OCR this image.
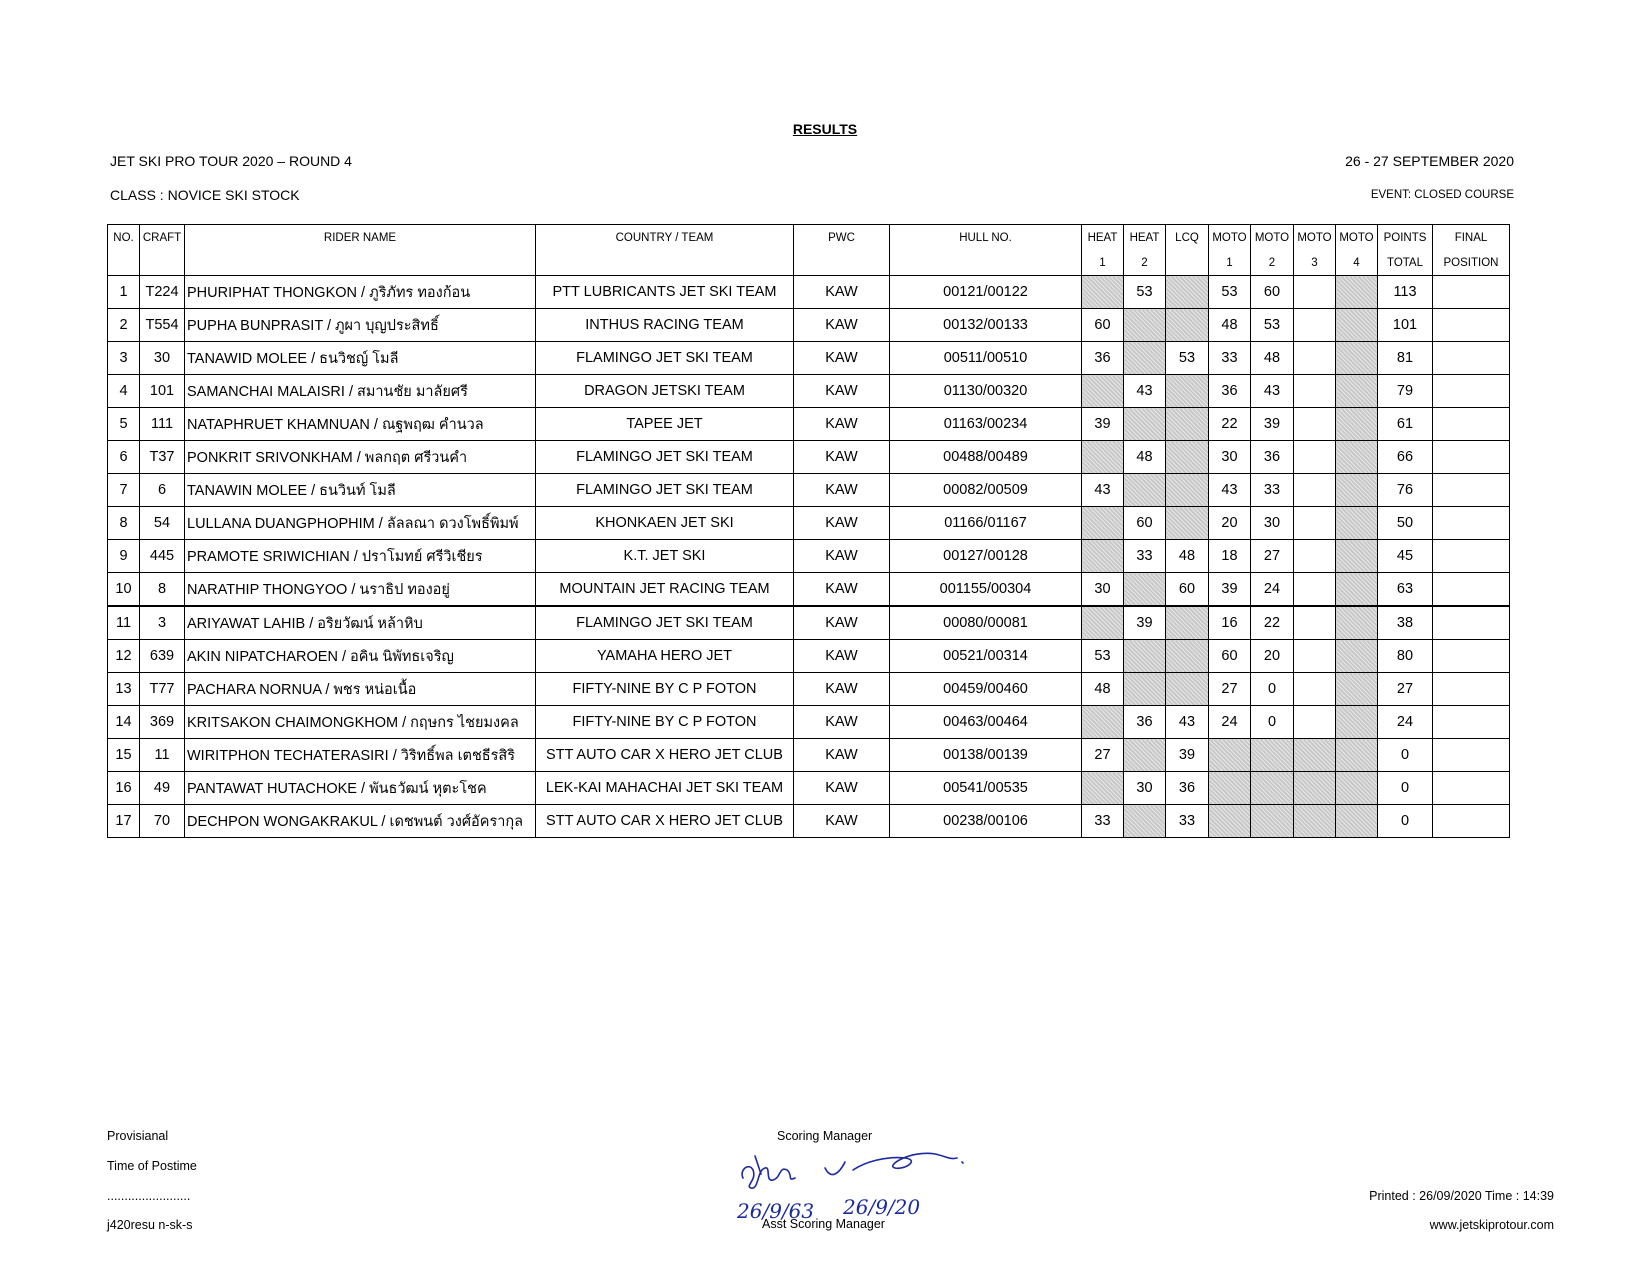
RESULTS
JET SKI PRO TOUR 2020 – ROUND 4	26 - 27 SEPTEMBER 2020
CLASS : NOVICE SKI STOCK	EVENT: CLOSED COURSE
NO.	CRAFT	RIDER NAME	COUNTRY / TEAM	PWC	HULL NO.	HEAT	HEAT	LCQ	MOTO	MOTO	MOTO	MOTO	POINTS	FINAL
						1	2		1	2	3	4	TOTAL	POSITION
1	T224	PHURIPHAT THONGKON / ภูริภัทร ทองก้อน	PTT LUBRICANTS JET SKI TEAM	KAW	00121/00122		53		53	60			113	
2	T554	PUPHA BUNPRASIT / ภูผา บุญประสิทธิ์	INTHUS RACING TEAM	KAW	00132/00133	60			48	53			101	
3	30	TANAWID MOLEE / ธนวิชญ์ โมลี	FLAMINGO JET SKI TEAM	KAW	00511/00510	36		53	33	48			81	
4	101	SAMANCHAI MALAISRI / สมานชัย มาลัยศรี	DRAGON JETSKI TEAM	KAW	01130/00320		43		36	43			79	
5	111	NATAPHRUET KHAMNUAN / ณฐพฤฒ คำนวล	TAPEE JET	KAW	01163/00234	39			22	39			61	
6	T37	PONKRIT SRIVONKHAM / พลกฤต ศรีวนคำ	FLAMINGO JET SKI TEAM	KAW	00488/00489		48		30	36			66	
7	6	TANAWIN MOLEE / ธนวินท์ โมลี	FLAMINGO JET SKI TEAM	KAW	00082/00509	43			43	33			76	
8	54	LULLANA DUANGPHOPHIM / ลัลลณา ดวงโพธิ์พิมพ์	KHONKAEN JET SKI	KAW	01166/01167		60		20	30			50	
9	445	PRAMOTE SRIWICHIAN / ปราโมทย์ ศรีวิเชียร	K.T. JET SKI	KAW	00127/00128		33	48	18	27			45	
10	8	NARATHIP THONGYOO / นราธิป ทองอยู่	MOUNTAIN JET RACING TEAM	KAW	001155/00304	30		60	39	24			63	
11	3	ARIYAWAT LAHIB / อริยวัฒน์ หล้าหิบ	FLAMINGO JET SKI TEAM	KAW	00080/00081		39		16	22			38	
12	639	AKIN NIPATCHAROEN / อคิน นิพัทธเจริญ	YAMAHA HERO JET	KAW	00521/00314	53			60	20			80	
13	T77	PACHARA NORNUA / พชร หน่อเนื้อ	FIFTY-NINE BY C P FOTON	KAW	00459/00460	48			27	0			27	
14	369	KRITSAKON CHAIMONGKHOM / กฤษกร ไชยมงคล	FIFTY-NINE BY C P FOTON	KAW	00463/00464		36	43	24	0			24	
15	11	WIRITPHON TECHATERASIRI / วิริทธิ์พล เตชธีรสิริ	STT AUTO CAR X HERO JET CLUB	KAW	00138/00139	27		39					0	
16	49	PANTAWAT HUTACHOKE / พันธวัฒน์ หุตะโชค	LEK-KAI MAHACHAI JET SKI TEAM	KAW	00541/00535		30	36					0	
17	70	DECHPON WONGAKRAKUL / เดชพนต์ วงศ์อัครากุล	STT AUTO CAR X HERO JET CLUB	KAW	00238/00106	33		33					0	
Provisianal
Time of Postime
........................
j420resu n-sk-s
Scoring Manager
Asst Scoring Manager
Printed : 26/09/2020 Time : 14:39
www.jetskiprotour.com
26/9/63 26/9/20
